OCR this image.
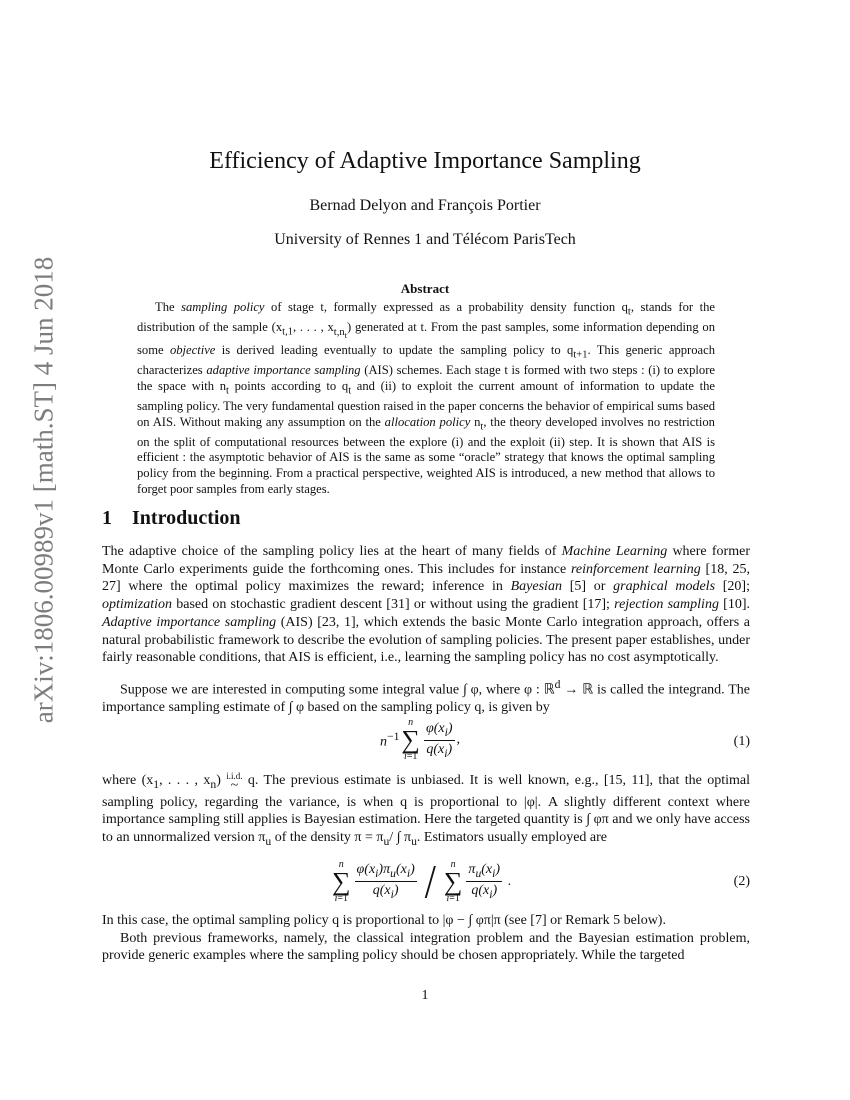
arXiv:1806.00989v1 [math.ST] 4 Jun 2018
Efficiency of Adaptive Importance Sampling
Bernad Delyon and François Portier
University of Rennes 1 and Télécom ParisTech
Abstract
The sampling policy of stage t, formally expressed as a probability density function $q_t$, stands for the distribution of the sample ($x_{t,1}$, . . . , $x_{t,n_t}$) generated at t. From the past samples, some information depending on some objective is derived leading eventually to update the sampling policy to $q_{t+1}$. This generic approach characterizes adaptive importance sampling (AIS) schemes. Each stage t is formed with two steps : (i) to explore the space with $n_t$ points according to $q_t$ and (ii) to exploit the current amount of information to update the sampling policy. The very fundamental question raised in the paper concerns the behavior of empirical sums based on AIS. Without making any assumption on the allocation policy $n_t$, the theory developed involves no restriction on the split of computational resources between the explore (i) and the exploit (ii) step. It is shown that AIS is efficient : the asymptotic behavior of AIS is the same as some “oracle” strategy that knows the optimal sampling policy from the beginning. From a practical perspective, weighted AIS is introduced, a new method that allows to forget poor samples from early stages.
1 Introduction
The adaptive choice of the sampling policy lies at the heart of many fields of Machine Learning where former Monte Carlo experiments guide the forthcoming ones. This includes for instance reinforcement learning [18, 25, 27] where the optimal policy maximizes the reward; inference in Bayesian [5] or graphical models [20]; optimization based on stochastic gradient descent [31] or without using the gradient [17]; rejection sampling [10]. Adaptive importance sampling (AIS) [23, 1], which extends the basic Monte Carlo integration approach, offers a natural probabilistic framework to describe the evolution of sampling policies. The present paper establishes, under fairly reasonable conditions, that AIS is efficient, i.e., learning the sampling policy has no cost asymptotically.
Suppose we are interested in computing some integral value ∫ φ, where φ : ℝ$^d$ → ℝ is called the integrand. The importance sampling estimate of ∫ φ based on the sampling policy q, is given by
$n^{-1}$
n
∑
$i=1 \frac{\varphi(x_i)}{q(x_i)}$ ,	(1)
where ($x_1$, . . . , $x_n$) i.i.d.
~ q. The previous estimate is unbiased. It is well known, e.g., [15, 11], that the optimal sampling policy, regarding the variance, is when q is proportional to |φ|. A slightly different context where importance sampling still applies is Bayesian estimation. Here the targeted quantity is ∫ φπ and we only have access to an unnormalized version $\pi_u$ of the density $\pi = \pi_u/$ ∫ $\pi_u$. Estimators usually employed are
n
∑
$i=1 \frac{\varphi(x_i)\pi_u(x_i)}{q(x_i)} / n$
∑
$i=1 \frac{\pi_u(x_i)}{q(x_i)}$ .	(2)
In this case, the optimal sampling policy q is proportional to |φ − ∫ φπ|π (see [7] or Remark 5 below).
Both previous frameworks, namely, the classical integration problem and the Bayesian estimation problem, provide generic examples where the sampling policy should be chosen appropriately. While the targeted
1
